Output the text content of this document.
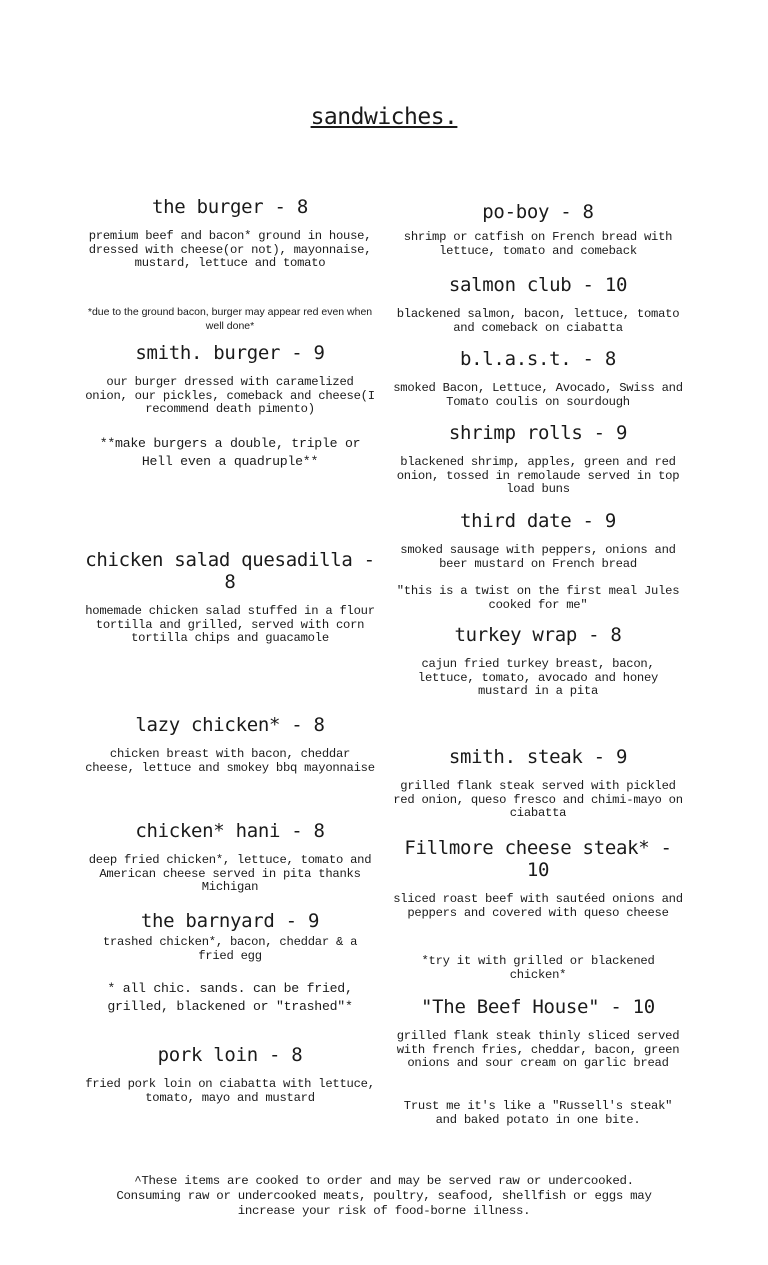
sandwiches.
the burger - 8
premium beef and bacon* ground in house, dressed with cheese(or not), mayonnaise, mustard, lettuce and tomato
*due to the ground bacon, burger may appear red even when well done*
smith. burger - 9
our burger dressed with caramelized onion, our pickles, comeback and cheese(I recommend death pimento)
**make burgers a double, triple or Hell even a quadruple**
chicken salad quesadilla - 8
homemade chicken salad stuffed in a flour tortilla and grilled, served with corn tortilla chips and guacamole
lazy chicken* - 8
chicken breast with bacon, cheddar cheese, lettuce and smokey bbq mayonnaise
chicken* hani - 8
deep fried chicken*, lettuce, tomato and American cheese served in pita thanks Michigan
the barnyard - 9
trashed chicken*, bacon, cheddar & a fried egg
* all chic. sands. can be fried, grilled, blackened or "trashed"*
pork loin - 8
fried pork loin on ciabatta with lettuce, tomato, mayo and mustard
po-boy - 8
shrimp or catfish on French bread with lettuce, tomato and comeback
salmon club - 10
blackened salmon, bacon, lettuce, tomato and comeback on ciabatta
b.l.a.s.t. - 8
smoked Bacon, Lettuce, Avocado, Swiss and Tomato coulis on sourdough
shrimp rolls - 9
blackened shrimp, apples, green and red onion, tossed in remolaude served in top load buns
third date - 9
smoked sausage with peppers, onions and beer mustard on French bread
"this is a twist on the first meal Jules cooked for me"
turkey wrap - 8
cajun fried turkey breast, bacon, lettuce, tomato, avocado and honey mustard in a pita
smith. steak - 9
grilled flank steak served with pickled red onion, queso fresco and chimi-mayo on ciabatta
Fillmore cheese steak* - 10
sliced roast beef with sautéed onions and peppers and covered with queso cheese
*try it with grilled or blackened chicken*
"The Beef House" - 10
grilled flank steak thinly sliced served with french fries, cheddar, bacon, green onions and sour cream on garlic bread
Trust me it's like a "Russell's steak" and baked potato in one bite.
^These items are cooked to order and may be served raw or undercooked.
Consuming raw or undercooked meats, poultry, seafood, shellfish or eggs may
increase your risk of food-borne illness.
